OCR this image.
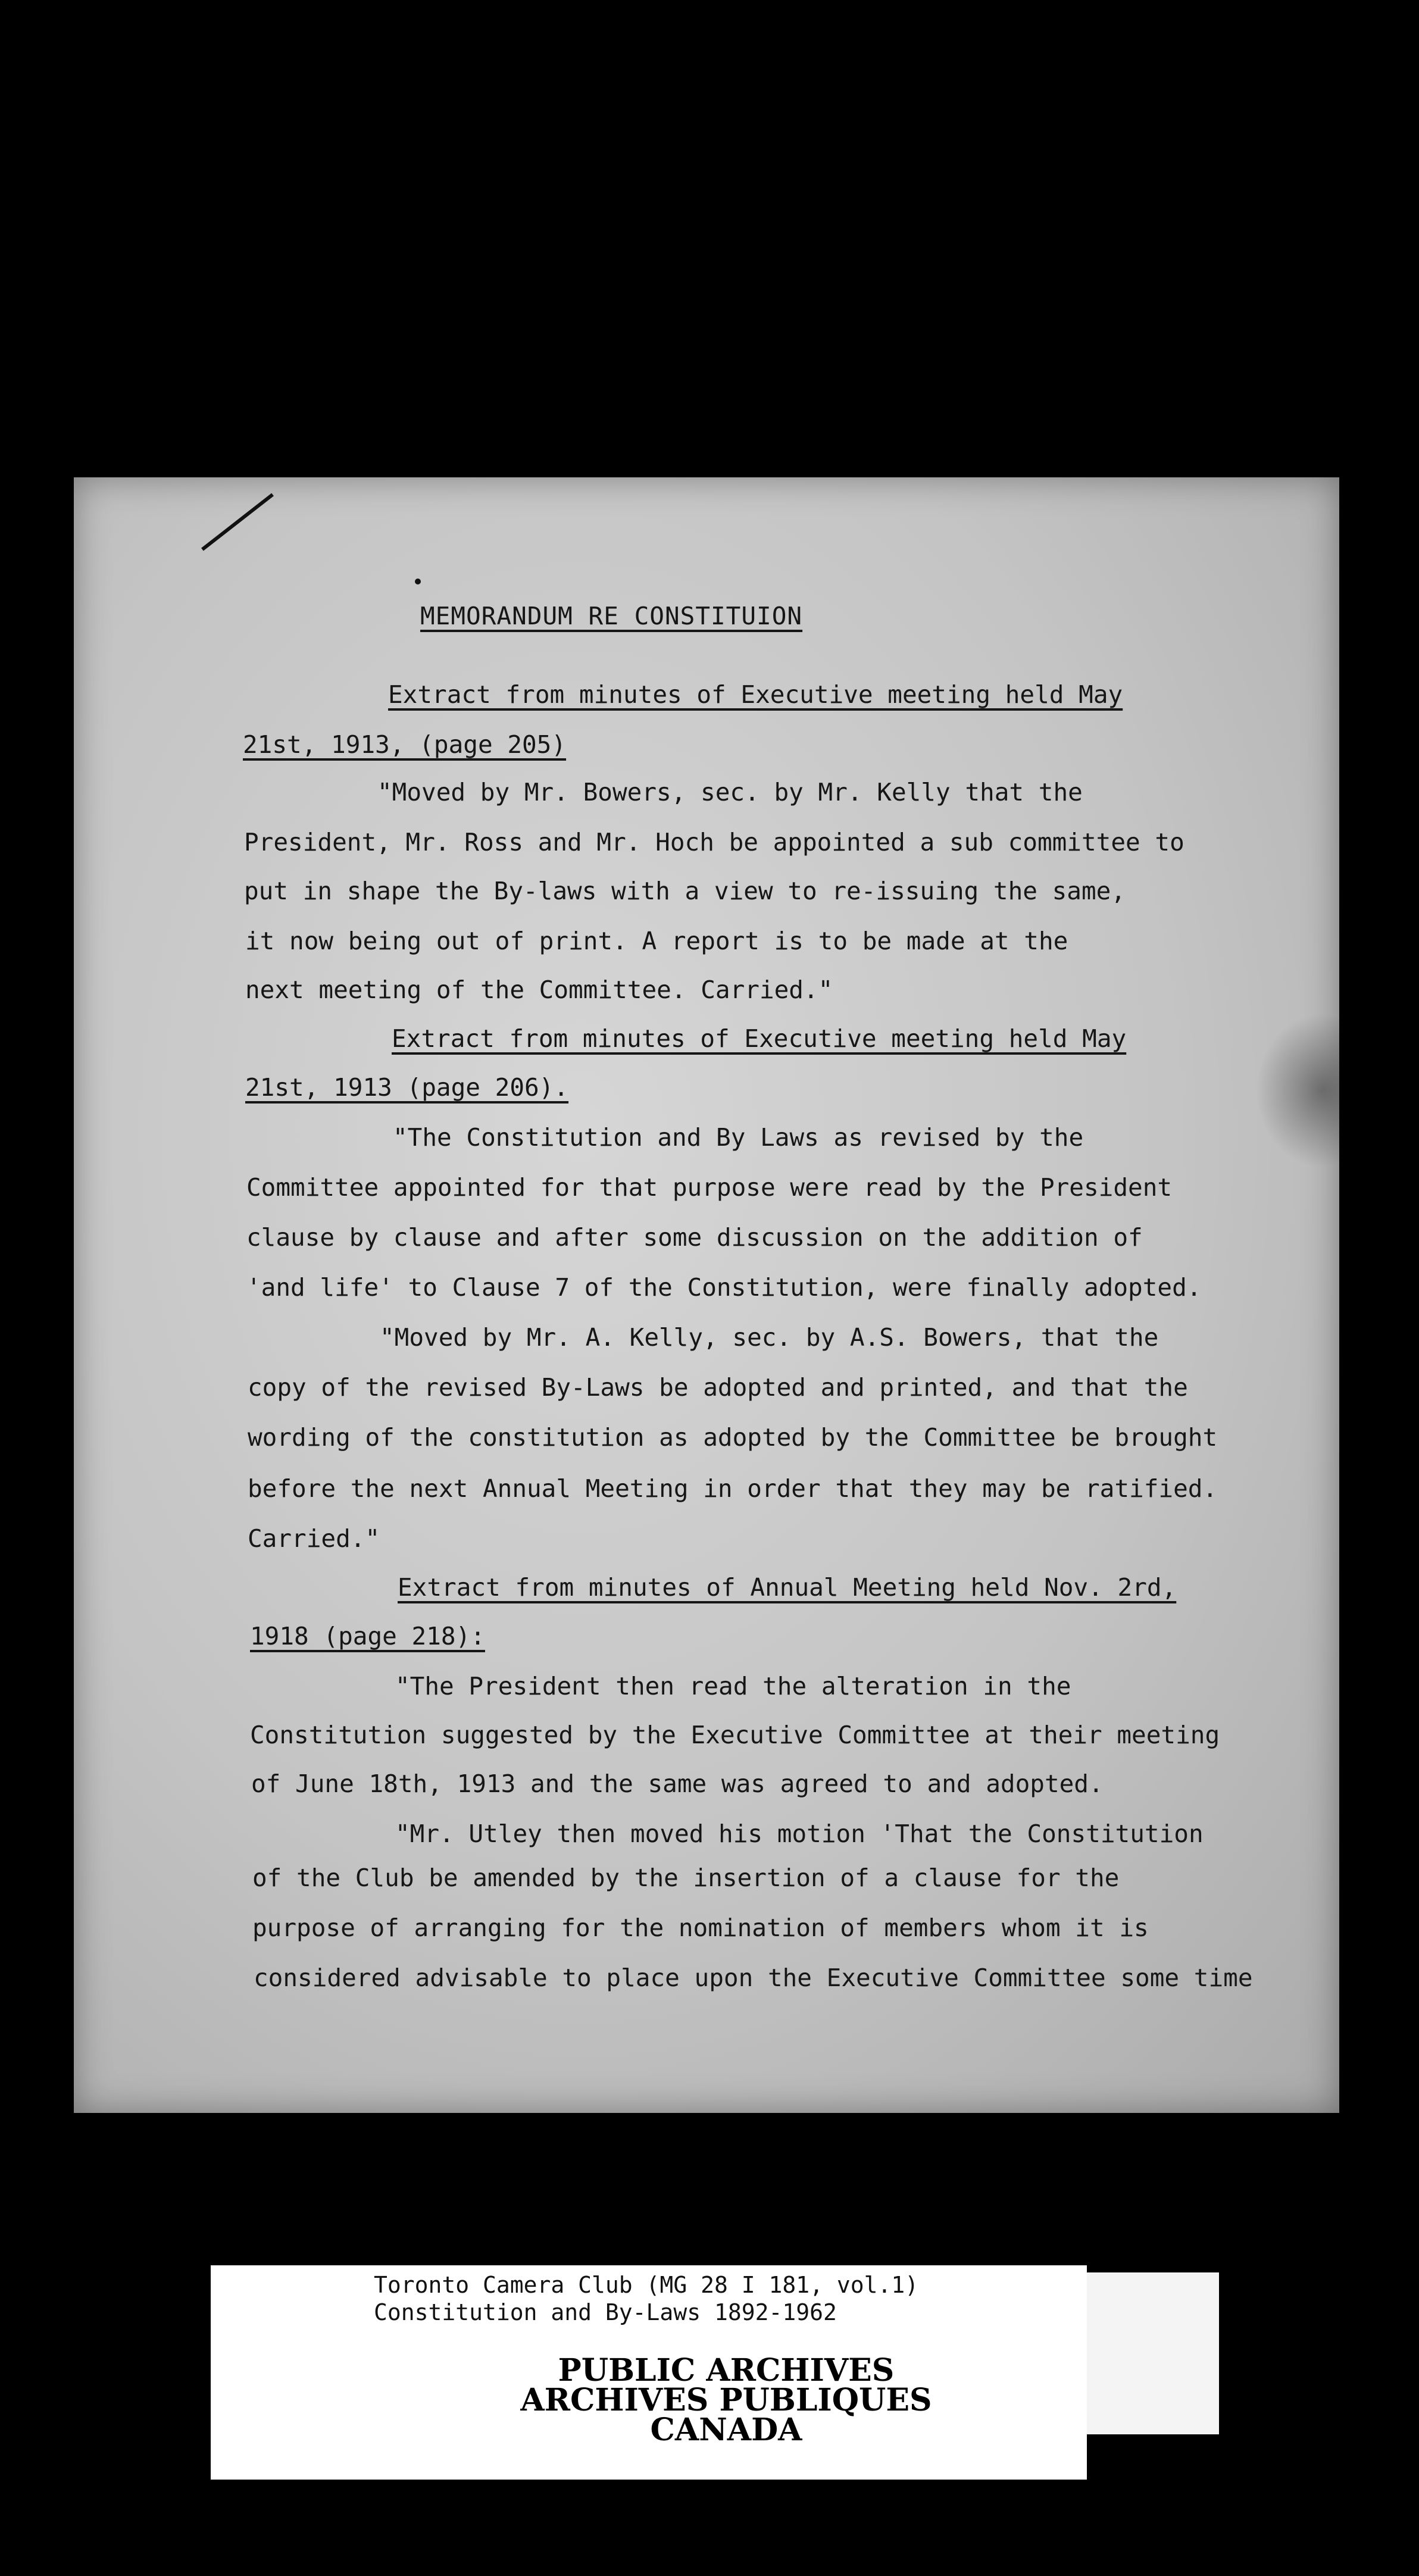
MEMORANDUM RE CONSTITUION
Extract from minutes of Executive meeting held May
21st, 1913, (page 205)
"Moved by Mr. Bowers, sec. by Mr. Kelly that the
President, Mr. Ross and Mr. Hoch be appointed a sub committee to
put in shape the By-laws with a view to re-issuing the same,
it now being out of print. A report is to be made at the
next meeting of the Committee. Carried."
Extract from minutes of Executive meeting held May
21st, 1913 (page 206).
"The Constitution and By Laws as revised by the
Committee appointed for that purpose were read by the President
clause by clause and after some discussion on the addition of
'and life' to Clause 7 of the Constitution, were finally adopted.
"Moved by Mr. A. Kelly, sec. by A.S. Bowers, that the
copy of the revised By-Laws be adopted and printed, and that the
wording of the constitution as adopted by the Committee be brought
before the next Annual Meeting in order that they may be ratified.
Carried."
Extract from minutes of Annual Meeting held Nov. 2rd,
1918 (page 218):
"The President then read the alteration in the
Constitution suggested by the Executive Committee at their meeting
of June 18th, 1913 and the same was agreed to and adopted.
"Mr. Utley then moved his motion 'That the Constitution
of the Club be amended by the insertion of a clause for the
purpose of arranging for the nomination of members whom it is
considered advisable to place upon the Executive Committee some time
Toronto Camera Club (MG 28 I 181, vol.1)
Constitution and By-Laws 1892-1962
PUBLIC ARCHIVES
ARCHIVES PUBLIQUES
CANADA
